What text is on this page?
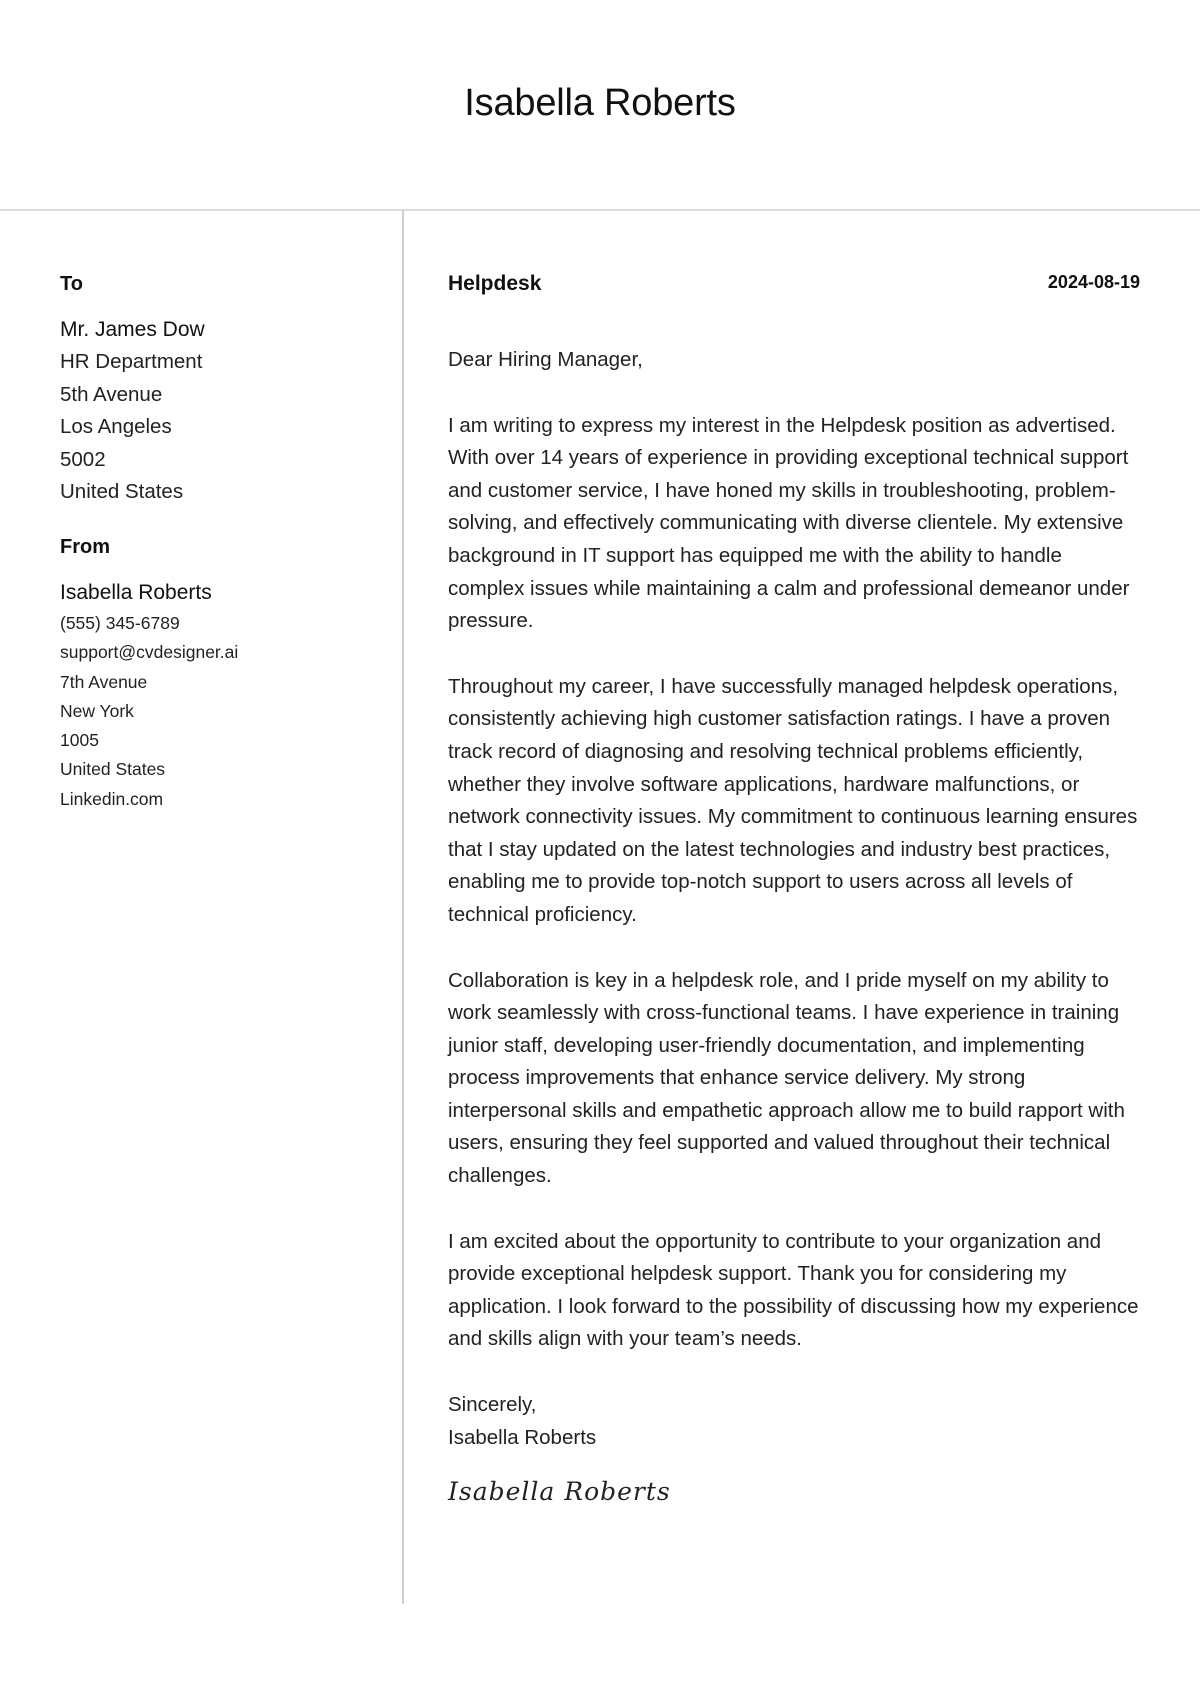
Isabella Roberts
To
Mr. James Dow
HR Department
5th Avenue
Los Angeles
5002
United States
From
Isabella Roberts
(555) 345-6789
support@cvdesigner.ai
7th Avenue
New York
1005
United States
Linkedin.com
Helpdesk	2024-08-19

Dear Hiring Manager,

I am writing to express my interest in the Helpdesk position as advertised. With over 14 years of experience in providing exceptional technical support and customer service, I have honed my skills in troubleshooting, problem-solving, and effectively communicating with diverse clientele. My extensive background in IT support has equipped me with the ability to handle complex issues while maintaining a calm and professional demeanor under pressure.

Throughout my career, I have successfully managed helpdesk operations, consistently achieving high customer satisfaction ratings. I have a proven track record of diagnosing and resolving technical problems efficiently, whether they involve software applications, hardware malfunctions, or network connectivity issues. My commitment to continuous learning ensures that I stay updated on the latest technologies and industry best practices, enabling me to provide top-notch support to users across all levels of technical proficiency.

Collaboration is key in a helpdesk role, and I pride myself on my ability to work seamlessly with cross-functional teams. I have experience in training junior staff, developing user-friendly documentation, and implementing process improvements that enhance service delivery. My strong interpersonal skills and empathetic approach allow me to build rapport with users, ensuring they feel supported and valued throughout their technical challenges.

I am excited about the opportunity to contribute to your organization and provide exceptional helpdesk support. Thank you for considering my application. I look forward to the possibility of discussing how my experience and skills align with your team’s needs.

Sincerely,

Isabella Roberts

Isabella Roberts
